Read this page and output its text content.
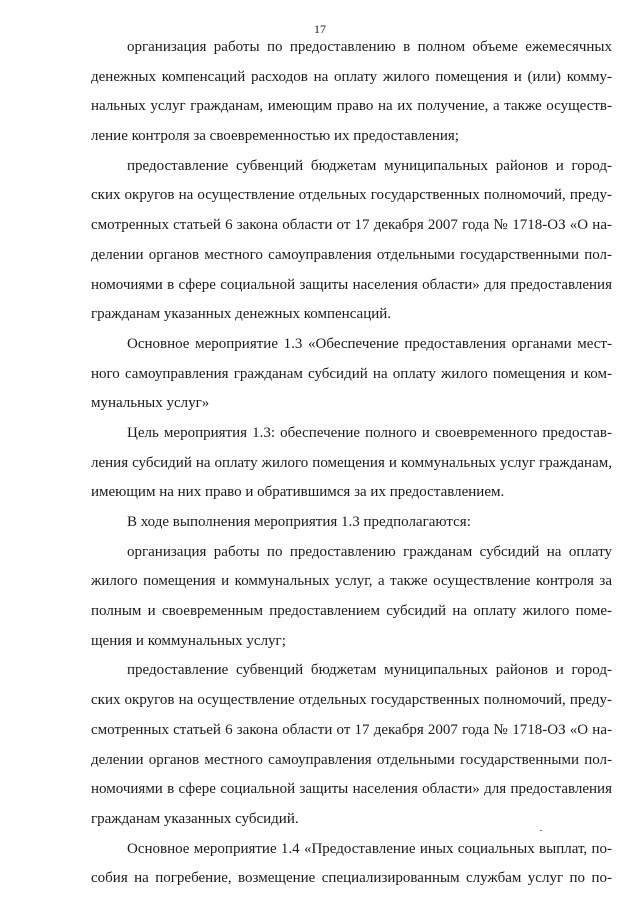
17
организация работы по предоставлению в полном объеме ежемесячных
денежных компенсаций расходов на оплату жилого помещения и (или) комму-
нальных услуг гражданам, имеющим право на их получение, а также осуществ-
ление контроля за своевременностью их предоставления;
предоставление субвенций бюджетам муниципальных районов и город-
ских округов на осуществление отдельных государственных полномочий, преду-
смотренных статьей 6 закона области от 17 декабря 2007 года № 1718-ОЗ «О на-
делении органов местного самоуправления отдельными государственными пол-
номочиями в сфере социальной защиты населения области» для предоставления
гражданам указанных денежных компенсаций.
Основное мероприятие 1.3 «Обеспечение предоставления органами мест-
ного самоуправления гражданам субсидий на оплату жилого помещения и ком-
мунальных услуг»
Цель мероприятия 1.3: обеспечение полного и своевременного предостав-
ления субсидий на оплату жилого помещения и коммунальных услуг гражданам,
имеющим на них право и обратившимся за их предоставлением.
В ходе выполнения мероприятия 1.3 предполагаются:
организация работы по предоставлению гражданам субсидий на оплату
жилого помещения и коммунальных услуг, а также осуществление контроля за
полным и своевременным предоставлением субсидий на оплату жилого поме-
щения и коммунальных услуг;
предоставление субвенций бюджетам муниципальных районов и город-
ских округов на осуществление отдельных государственных полномочий, преду-
смотренных статьей 6 закона области от 17 декабря 2007 года № 1718-ОЗ «О на-
делении органов местного самоуправления отдельными государственными пол-
номочиями в сфере социальной защиты населения области» для предоставления
гражданам указанных субсидий.
Основное мероприятие 1.4 «Предоставление иных социальных выплат, по-
собия на погребение, возмещение специализированным службам услуг по по-
